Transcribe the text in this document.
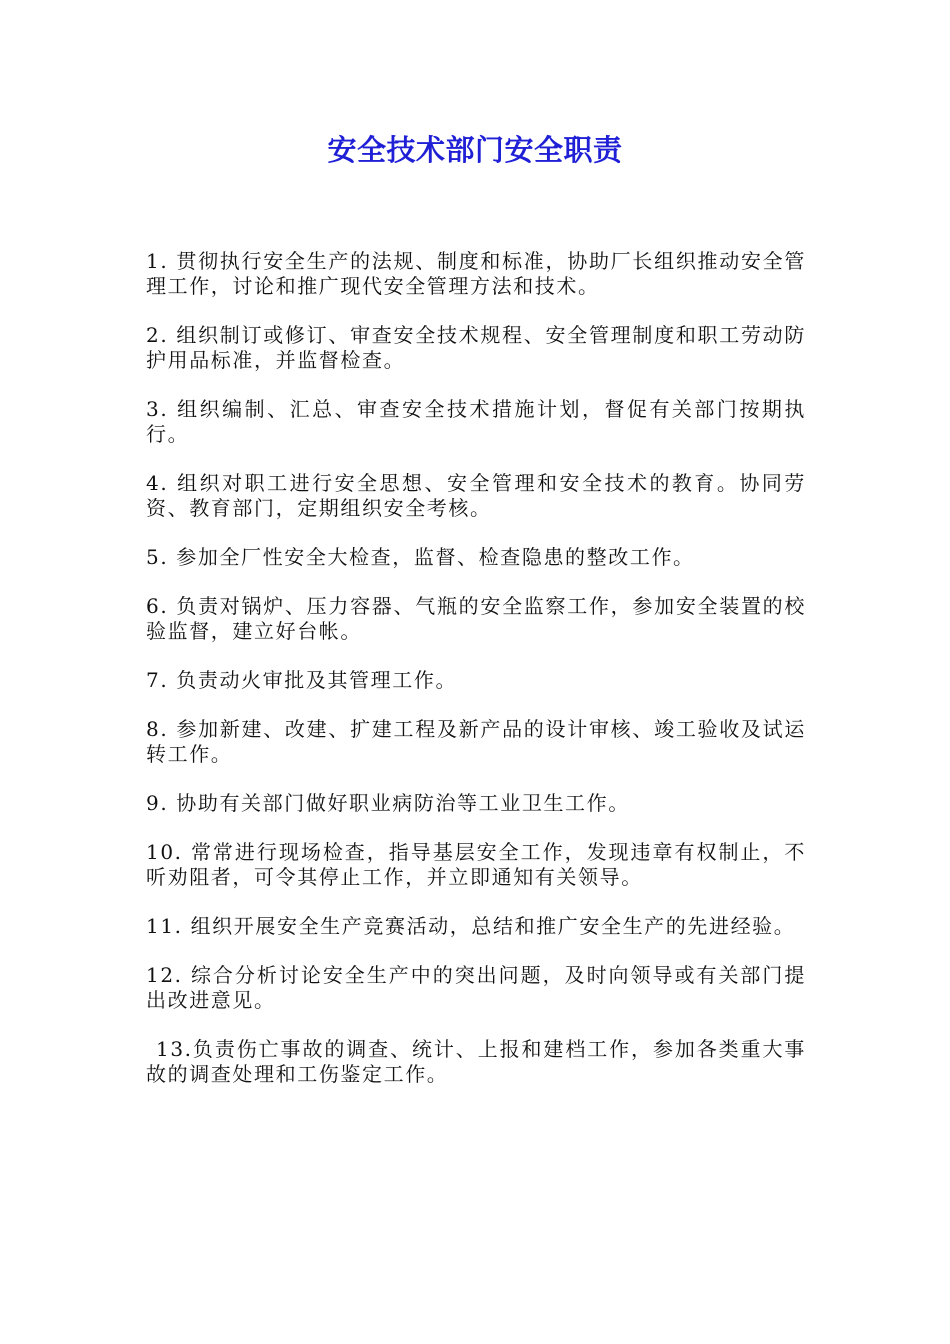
安全技术部门安全职责

1. 贯彻执行安全生产的法规、制度和标准，协助厂长组织推动安全管理工作，讨论和推广现代安全管理方法和技术。

2. 组织制订或修订、审查安全技术规程、安全管理制度和职工劳动防护用品标准，并监督检查。

3. 组织编制、汇总、审查安全技术措施计划，督促有关部门按期执行。

4. 组织对职工进行安全思想、安全管理和安全技术的教育。协同劳资、教育部门，定期组织安全考核。

5. 参加全厂性安全大检查，监督、检查隐患的整改工作。

6. 负责对锅炉、压力容器、气瓶的安全监察工作，参加安全装置的校验监督，建立好台帐。

7. 负责动火审批及其管理工作。

8. 参加新建、改建、扩建工程及新产品的设计审核、竣工验收及试运转工作。

9. 协助有关部门做好职业病防治等工业卫生工作。

10. 常常进行现场检查，指导基层安全工作，发现违章有权制止，不听劝阻者，可令其停止工作，并立即通知有关领导。

11. 组织开展安全生产竞赛活动，总结和推广安全生产的先进经验。

12. 综合分析讨论安全生产中的突出问题，及时向领导或有关部门提出改进意见。

13.负责伤亡事故的调查、统计、上报和建档工作，参加各类重大事故的调查处理和工伤鉴定工作。
